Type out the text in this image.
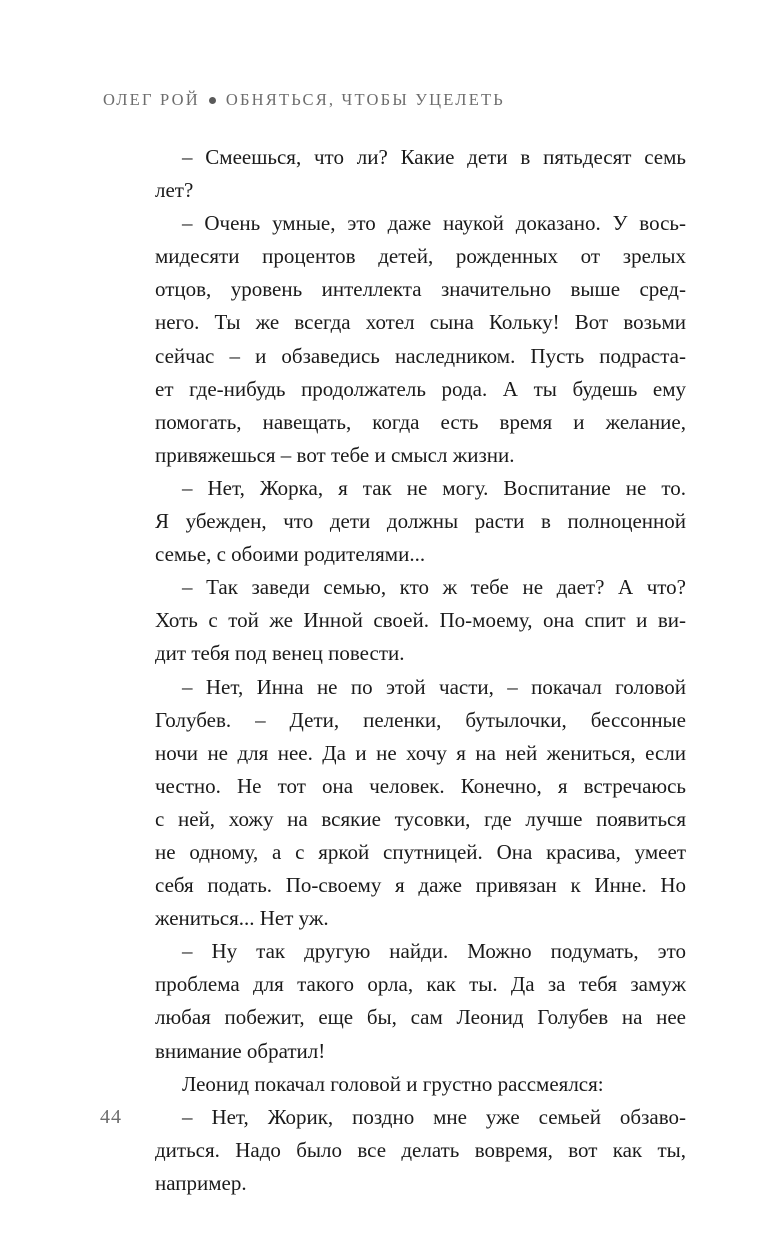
ОЛЕГ РОЙ ОБНЯТЬСЯ, ЧТОБЫ УЦЕЛЕТЬ
– Смеешься, что ли? Какие дети в пятьдесят семь
лет?
– Очень умные, это даже наукой доказано. У вось-
мидесяти процентов детей, рожденных от зрелых
отцов, уровень интеллекта значительно выше сред-
него. Ты же всегда хотел сына Кольку! Вот возьми
сейчас – и обзаведись наследником. Пусть подраста-
ет где-нибудь продолжатель рода. А ты будешь ему
помогать, навещать, когда есть время и желание,
привяжешься – вот тебе и смысл жизни.
– Нет, Жорка, я так не могу. Воспитание не то.
Я убежден, что дети должны расти в полноценной
семье, с обоими родителями...
– Так заведи семью, кто ж тебе не дает? А что?
Хоть с той же Инной своей. По-моему, она спит и ви-
дит тебя под венец повести.
– Нет, Инна не по этой части, – покачал головой
Голубев. – Дети, пеленки, бутылочки, бессонные
ночи не для нее. Да и не хочу я на ней жениться, если
честно. Не тот она человек. Конечно, я встречаюсь
с ней, хожу на всякие тусовки, где лучше появиться
не одному, а с яркой спутницей. Она красива, умеет
себя подать. По-своему я даже привязан к Инне. Но
жениться... Нет уж.
– Ну так другую найди. Можно подумать, это
проблема для такого орла, как ты. Да за тебя замуж
любая побежит, еще бы, сам Леонид Голубев на нее
внимание обратил!
Леонид покачал головой и грустно рассмеялся:
– Нет, Жорик, поздно мне уже семьей обзаво-
диться. Надо было все делать вовремя, вот как ты,
например.
44
